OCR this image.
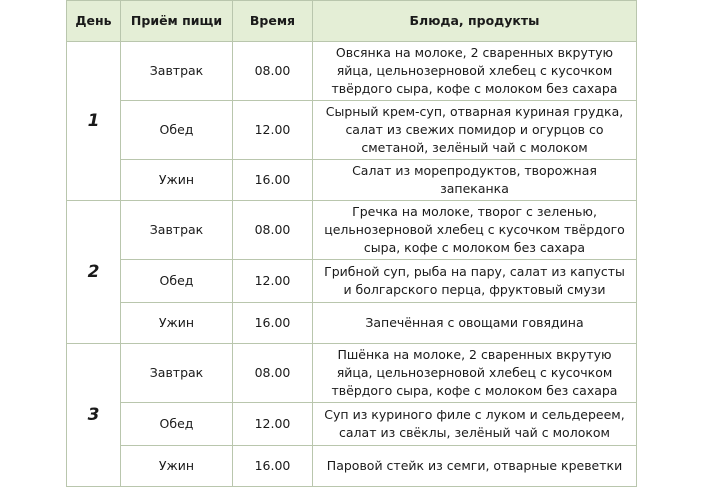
День	Приём пищи	Время	Блюда, продукты
1	Завтрак	08.00	Овсянка на молоке, 2 сваренных вкрутую яйца, цельнозерновой хлебец с кусочком твёрдого сыра, кофе с молоком без сахара
	Обед	12.00	Сырный крем-суп, отварная куриная грудка, салат из свежих помидор и огурцов со сметаной, зелёный чай с молоком
	Ужин	16.00	Салат из морепродуктов, творожная запеканка
2	Завтрак	08.00	Гречка на молоке, творог с зеленью, цельнозерновой хлебец с кусочком твёрдого сыра, кофе с молоком без сахара
	Обед	12.00	Грибной суп, рыба на пару, салат из капусты и болгарского перца, фруктовый смузи
	Ужин	16.00	Запечённая с овощами говядина
3	Завтрак	08.00	Пшёнка на молоке, 2 сваренных вкрутую яйца, цельнозерновой хлебец с кусочком твёрдого сыра, кофе с молоком без сахара
	Обед	12.00	Суп из куриного филе с луком и сельдереем, салат из свёклы, зелёный чай с молоком
	Ужин	16.00	Паровой стейк из семги, отварные креветки
